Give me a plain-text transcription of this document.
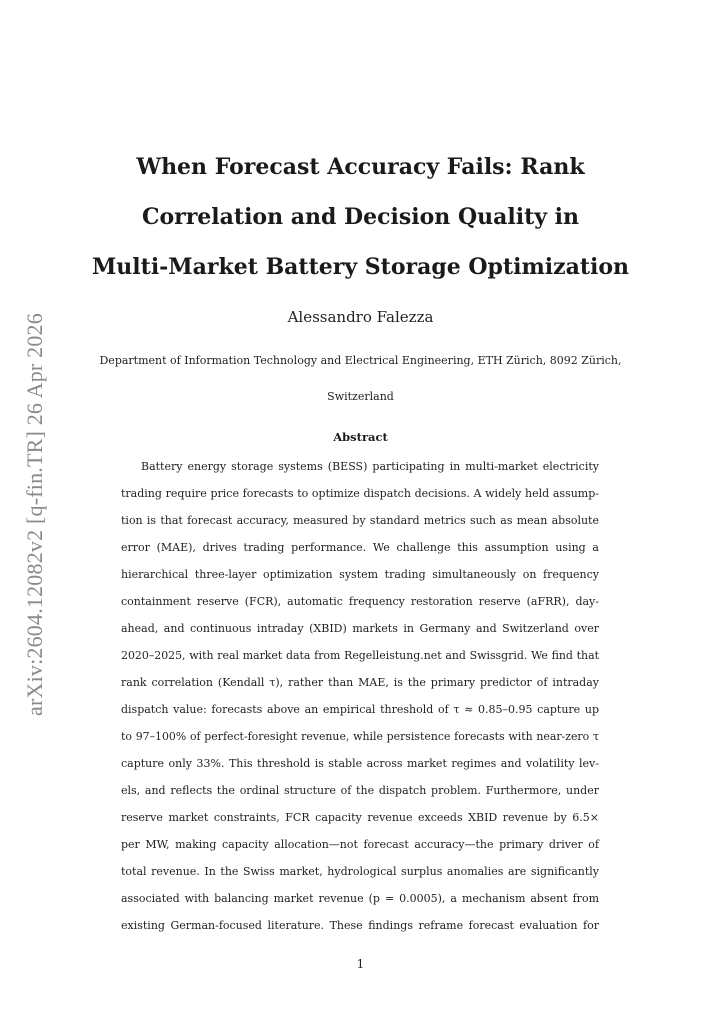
arXiv:2604.12082v2 [q-fin.TR] 26 Apr 2026
When Forecast Accuracy Fails: Rank
Correlation and Decision Quality in
Multi-Market Battery Storage Optimization
Alessandro Falezza
Department of Information Technology and Electrical Engineering, ETH Zürich, 8092 Zürich,
Switzerland
Abstract
Battery energy storage systems (BESS) participating in multi-market electricity
trading require price forecasts to optimize dispatch decisions. A widely held assump-
tion is that forecast accuracy, measured by standard metrics such as mean absolute
error (MAE), drives trading performance. We challenge this assumption using a
hierarchical three-layer optimization system trading simultaneously on frequency
containment reserve (FCR), automatic frequency restoration reserve (aFRR), day-
ahead, and continuous intraday (XBID) markets in Germany and Switzerland over
2020–2025, with real market data from Regelleistung.net and Swissgrid. We find that
rank correlation (Kendall τ), rather than MAE, is the primary predictor of intraday
dispatch value: forecasts above an empirical threshold of τ ≈ 0.85–0.95 capture up
to 97–100% of perfect-foresight revenue, while persistence forecasts with near-zero τ
capture only 33%. This threshold is stable across market regimes and volatility lev-
els, and reflects the ordinal structure of the dispatch problem. Furthermore, under
reserve market constraints, FCR capacity revenue exceeds XBID revenue by 6.5×
per MW, making capacity allocation—not forecast accuracy—the primary driver of
total revenue. In the Swiss market, hydrological surplus anomalies are significantly
associated with balancing market revenue (p = 0.0005), a mechanism absent from
existing German-focused literature. These findings reframe forecast evaluation for
1
